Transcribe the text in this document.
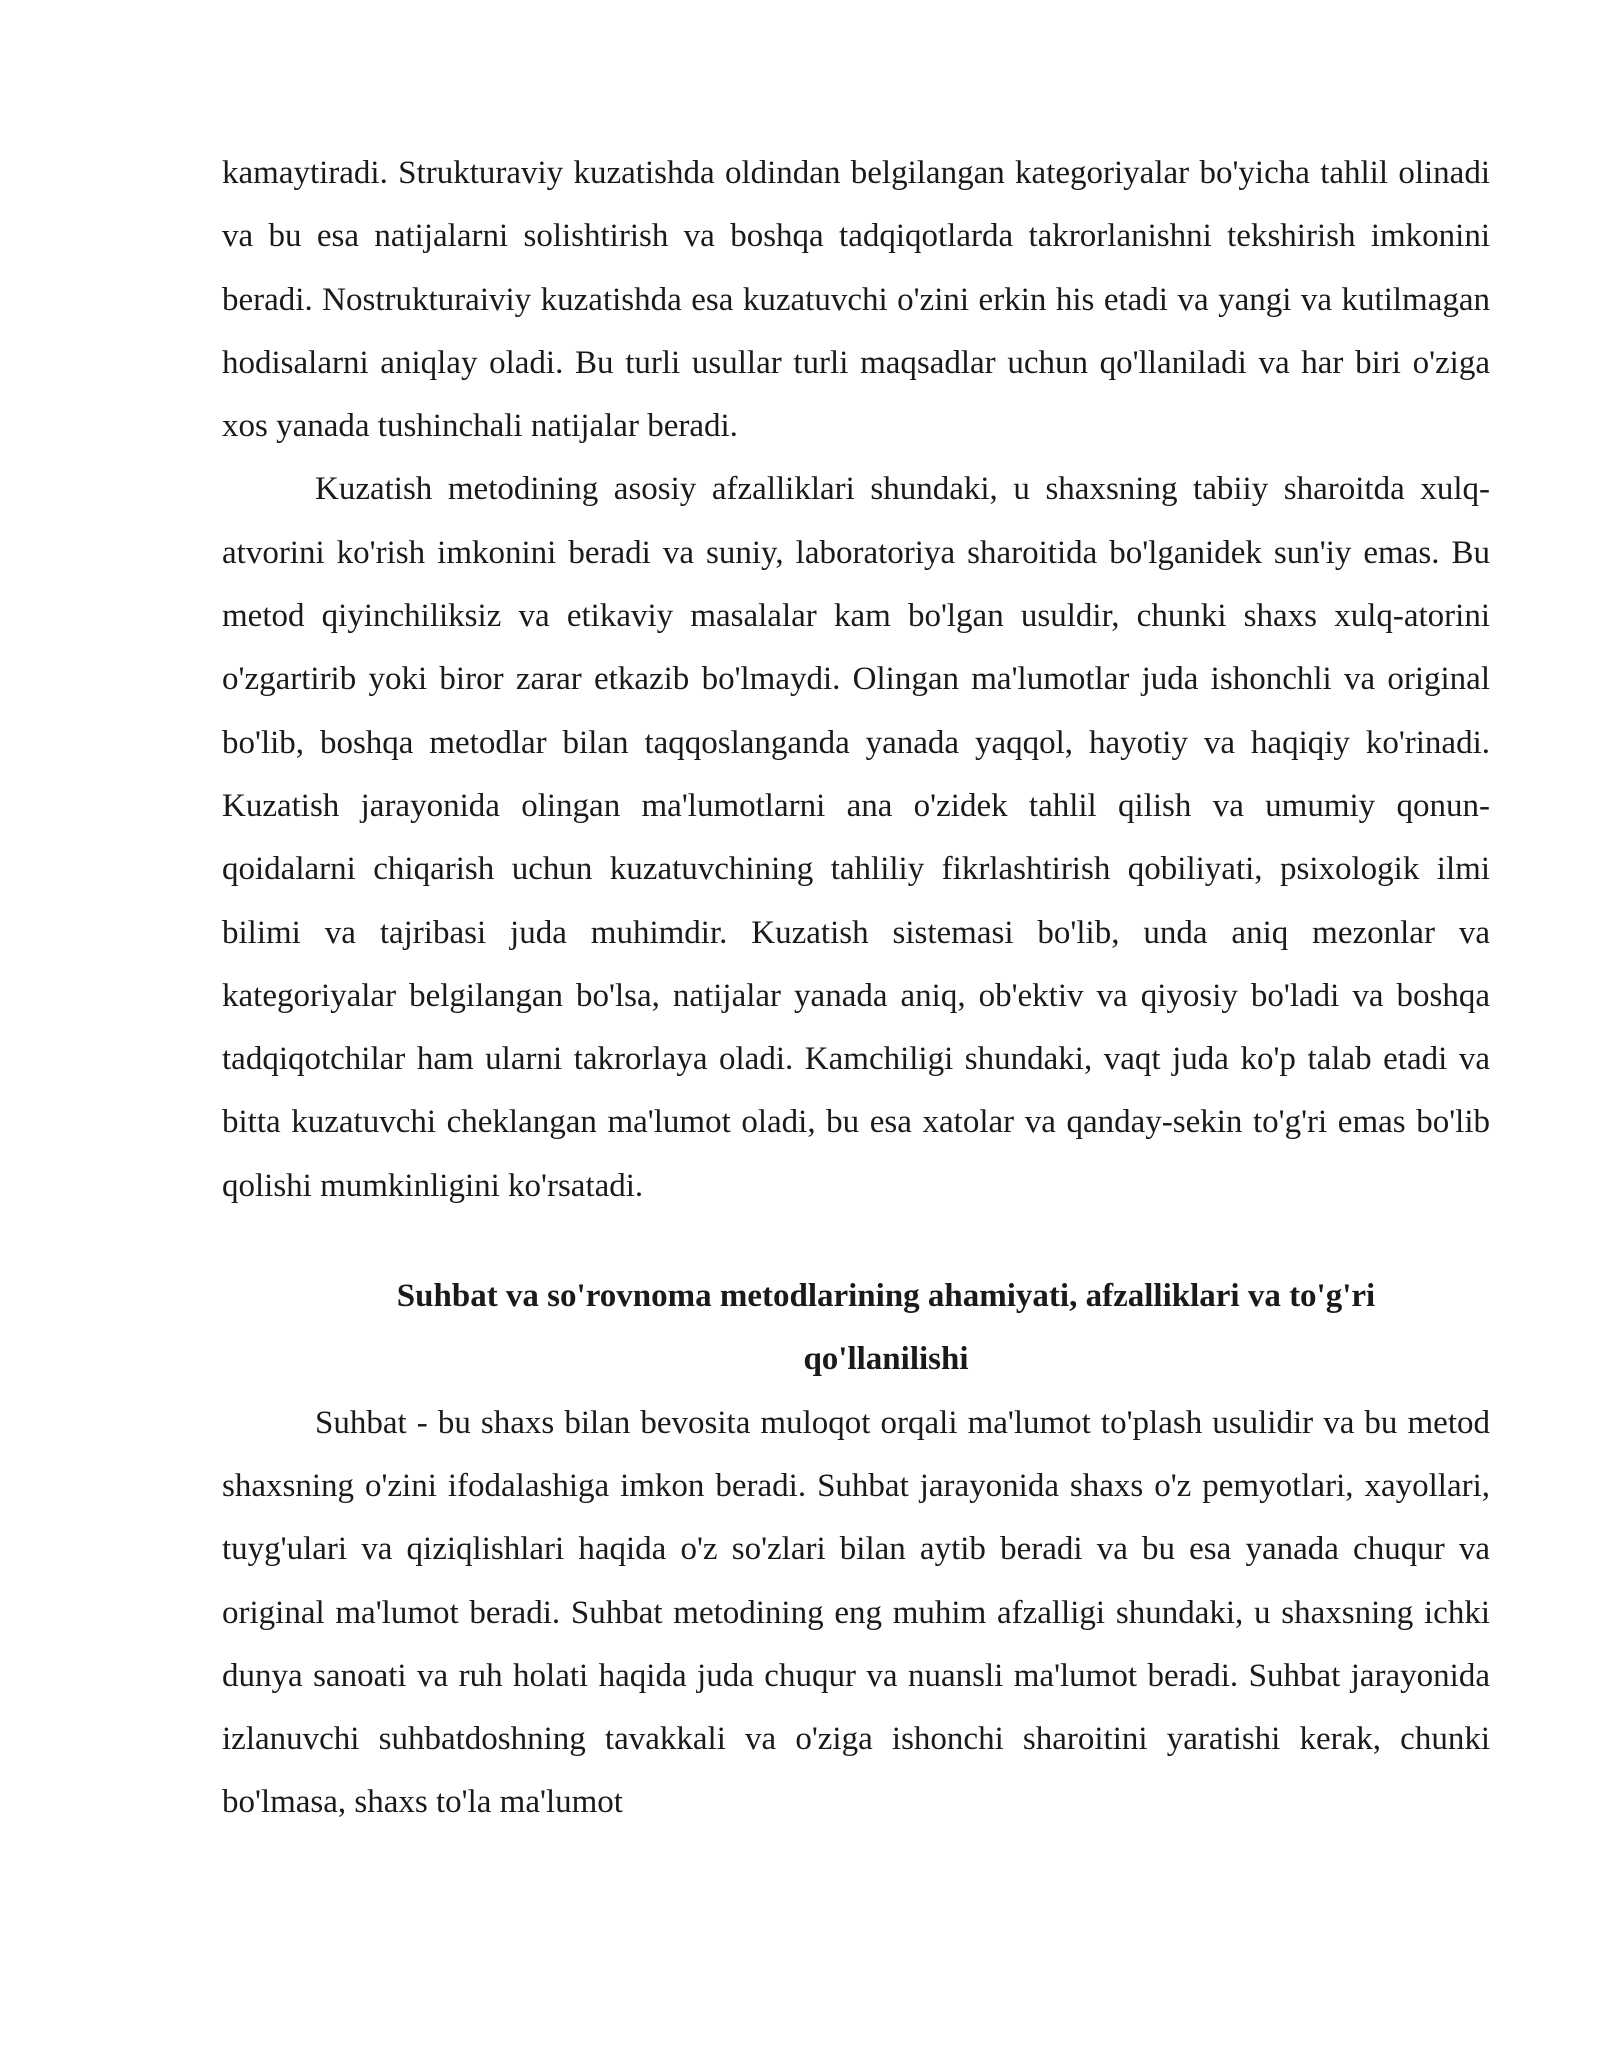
kamaytiradi. Strukturaviy kuzatishda oldindan belgilangan kategoriyalar bo'yicha tahlil olinadi va bu esa natijalarni solishtirish va boshqa tadqiqotlarda takrorlanishni tekshirish imkonini beradi. Nostrukturaiviy kuzatishda esa kuzatuvchi o'zini erkin his etadi va yangi va kutilmagan hodisalarni aniqlay oladi. Bu turli usullar turli maqsadlar uchun qo'llaniladi va har biri o'ziga xos yanada tushinchali natijalar beradi.

Kuzatish metodining asosiy afzalliklari shundaki, u shaxsning tabiiy sharoitda xulq-atvorini ko'rish imkonini beradi va suniy, laboratoriya sharoitida bo'lganidek sun'iy emas. Bu metod qiyinchiliksiz va etikaviy masalalar kam bo'lgan usuldir, chunki shaxs xulq-atorini o'zgartirib yoki biror zarar etkazib bo'lmaydi. Olingan ma'lumotlar juda ishonchli va original bo'lib, boshqa metodlar bilan taqqoslanganda yanada yaqqol, hayotiy va haqiqiy ko'rinadi. Kuzatish jarayonida olingan ma'lumotlarni ana o'zidek tahlil qilish va umumiy qonun-qoidalarni chiqarish uchun kuzatuvchining tahliliy fikrlashtirish qobiliyati, psixologik ilmi bilimi va tajribasi juda muhimdir. Kuzatish sistemasi bo'lib, unda aniq mezonlar va kategoriyalar belgilangan bo'lsa, natijalar yanada aniq, ob'ektiv va qiyosiy bo'ladi va boshqa tadqiqotchilar ham ularni takrorlaya oladi. Kamchiligi shundaki, vaqt juda ko'p talab etadi va bitta kuzatuvchi cheklangan ma'lumot oladi, bu esa xatolar va qanday-sekin to'g'ri emas bo'lib qolishi mumkinligini ko'rsatadi.

Suhbat va so'rovnoma metodlarining ahamiyati, afzalliklari va to'g'ri qo'llanilishi

Suhbat - bu shaxs bilan bevosita muloqot orqali ma'lumot to'plash usulidir va bu metod shaxsning o'zini ifodalashiga imkon beradi. Suhbat jarayonida shaxs o'z pemyotlari, xayollari, tuyg'ulari va qiziqlishlari haqida o'z so'zlari bilan aytib beradi va bu esa yanada chuqur va original ma'lumot beradi. Suhbat metodining eng muhim afzalligi shundaki, u shaxsning ichki dunya sanoati va ruh holati haqida juda chuqur va nuansli ma'lumot beradi. Suhbat jarayonida izlanuvchi suhbatdoshning tavakkali va o'ziga ishonchi sharoitini yaratishi kerak, chunki bo'lmasa, shaxs to'la ma'lumot
